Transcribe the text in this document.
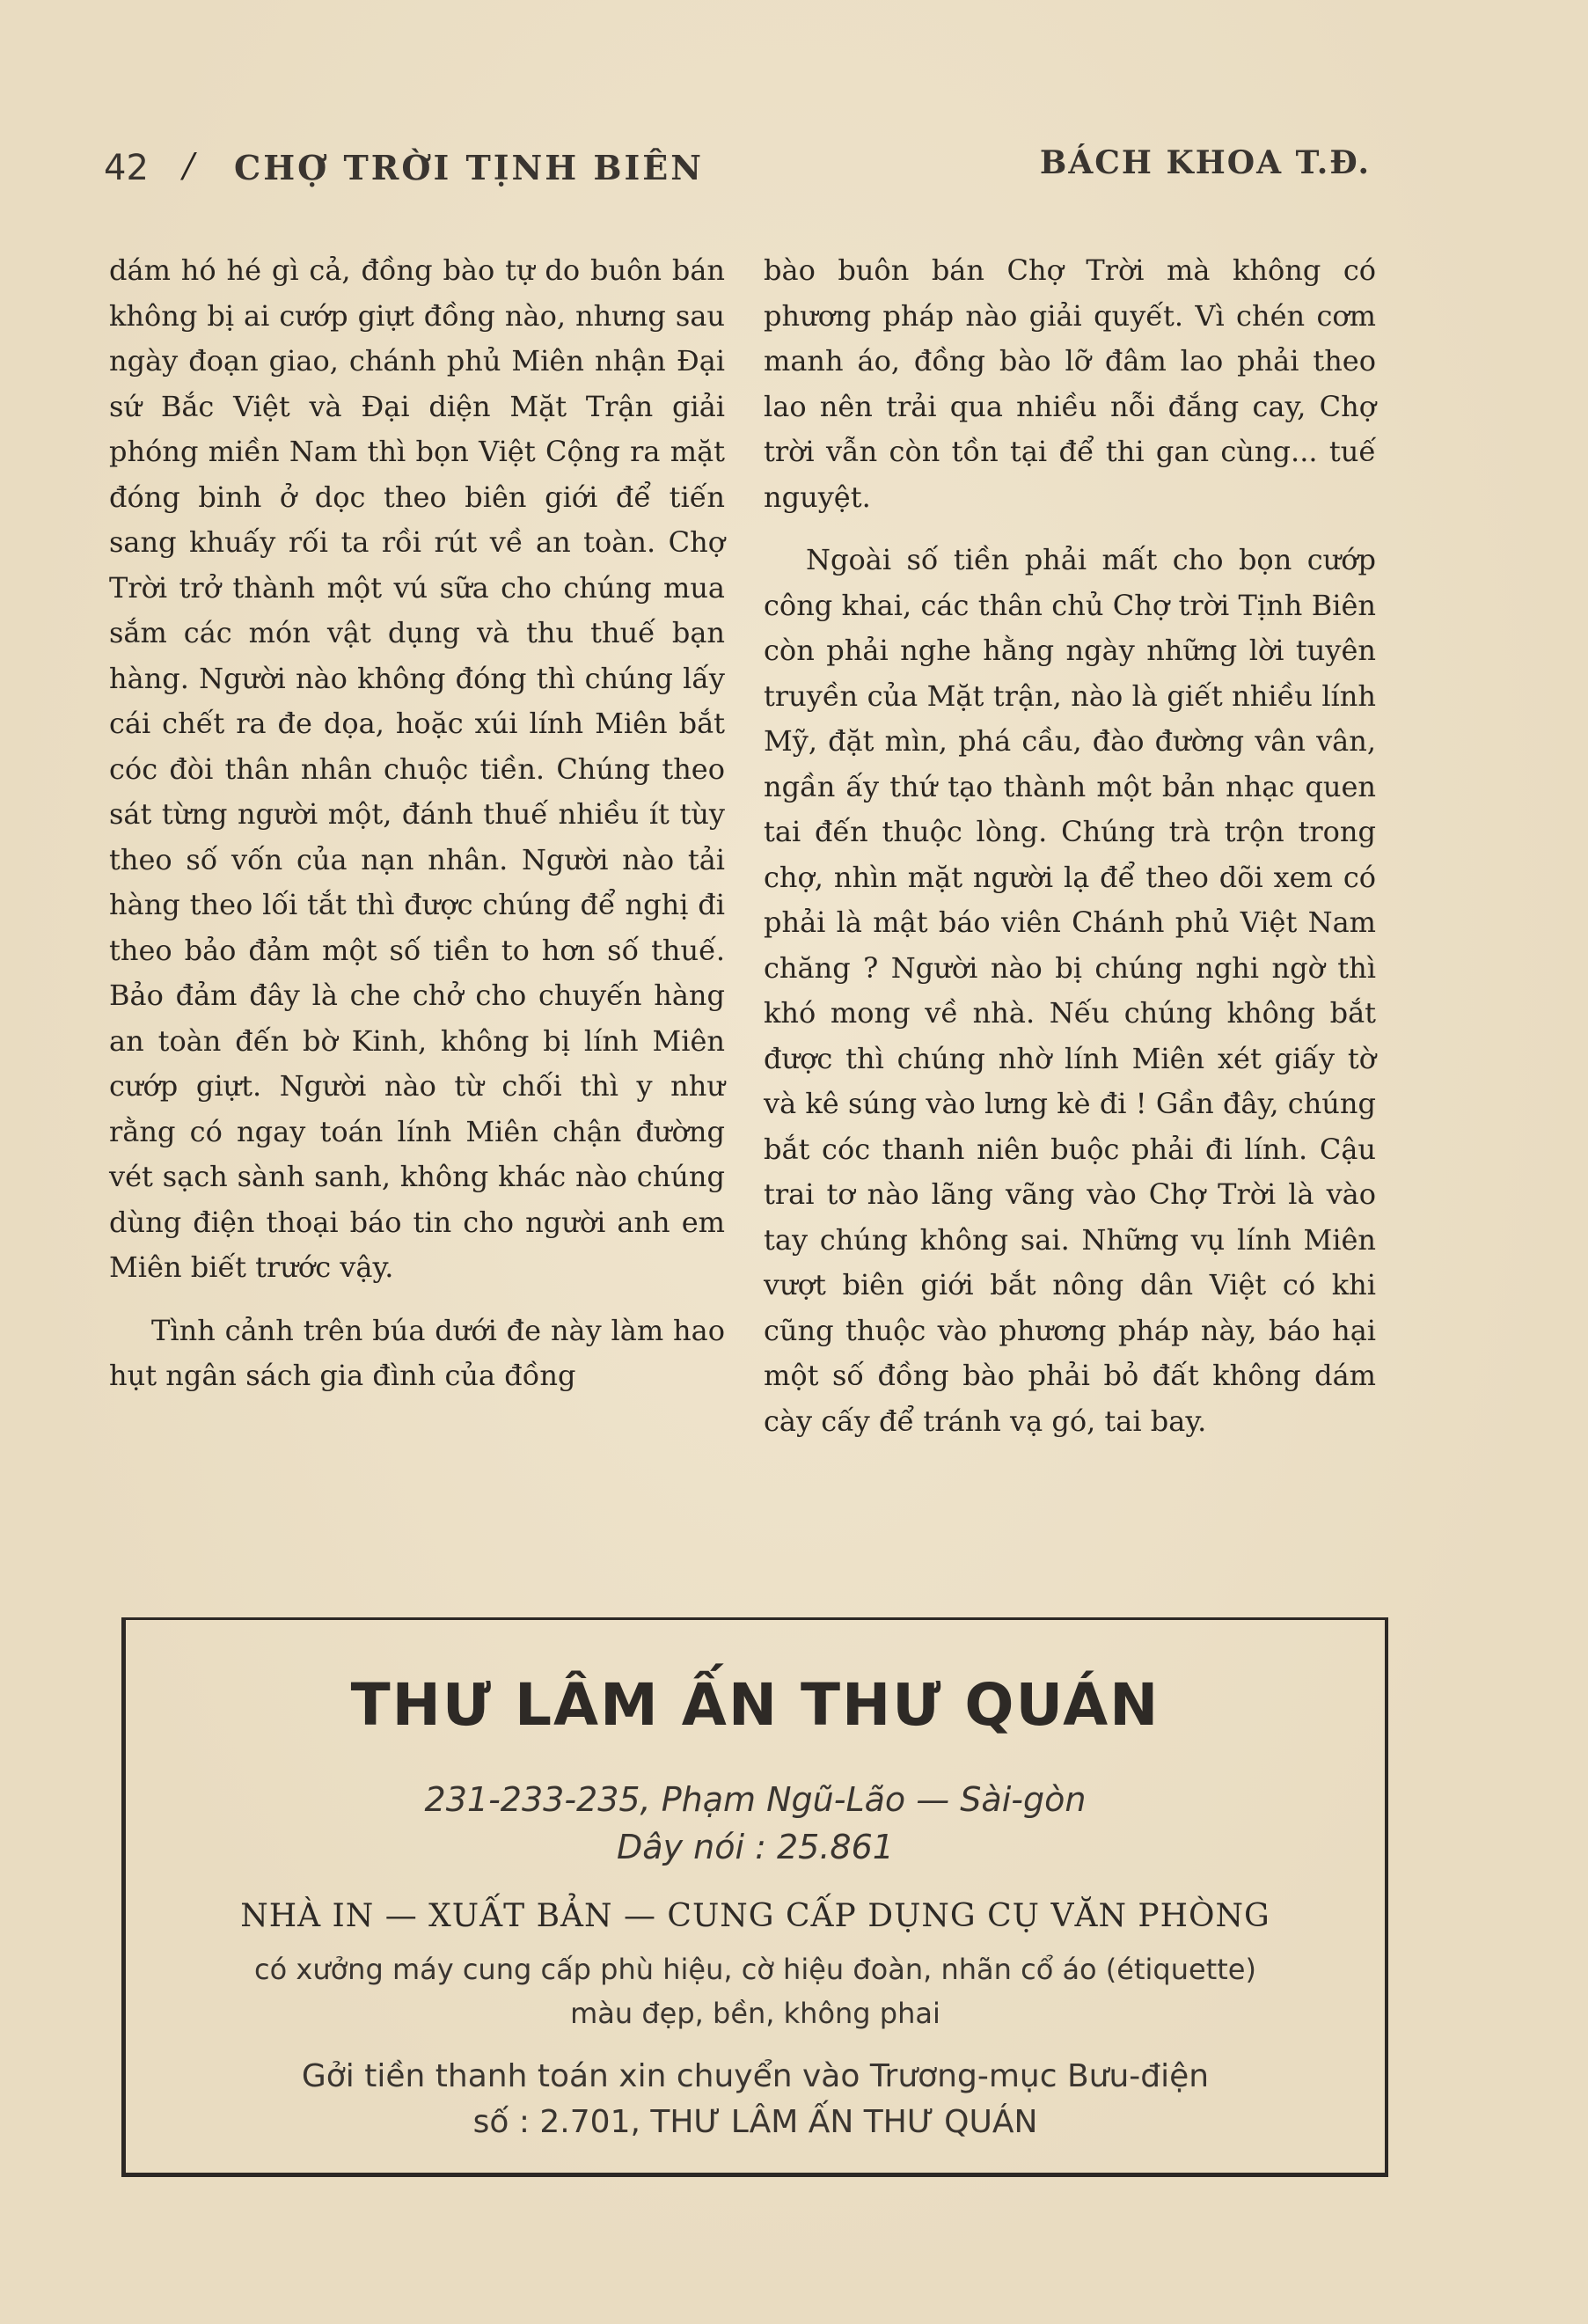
42 / CHỢ TRỜI TỊNH BIÊN	BÁCH KHOA T.Đ.

dám hó hé gì cả, đồng bào tự do buôn bán không bị ai cướp giựt đồng nào, nhưng sau ngày đoạn giao, chánh phủ Miên nhận Đại sứ Bắc Việt và Đại diện Mặt Trận giải phóng miền Nam thì bọn Việt Cộng ra mặt đóng binh ở dọc theo biên giới để tiến sang khuấy rối ta rồi rút về an toàn. Chợ Trời trở thành một vú sữa cho chúng mua sắm các món vật dụng và thu thuế bạn hàng. Người nào không đóng thì chúng lấy cái chết ra đe dọa, hoặc xúi lính Miên bắt cóc đòi thân nhân chuộc tiền. Chúng theo sát từng người một, đánh thuế nhiều ít tùy theo số vốn của nạn nhân. Người nào tải hàng theo lối tắt thì được chúng để nghị đi theo bảo đảm một số tiền to hơn số thuế. Bảo đảm đây là che chở cho chuyến hàng an toàn đến bờ Kinh, không bị lính Miên cướp giựt. Người nào từ chối thì y như rằng có ngay toán lính Miên chận đường vét sạch sành sanh, không khác nào chúng dùng điện thoại báo tin cho người anh em Miên biết trước vậy.

Tình cảnh trên búa dưới đe này làm hao hụt ngân sách gia đình của đồng

bào buôn bán Chợ Trời mà không có phương pháp nào giải quyết. Vì chén cơm manh áo, đồng bào lỡ đâm lao phải theo lao nên trải qua nhiều nỗi đắng cay, Chợ trời vẫn còn tồn tại để thi gan cùng... tuế nguyệt.

Ngoài số tiền phải mất cho bọn cướp công khai, các thân chủ Chợ trời Tịnh Biên còn phải nghe hằng ngày những lời tuyên truyền của Mặt trận, nào là giết nhiều lính Mỹ, đặt mìn, phá cầu, đào đường vân vân, ngần ấy thứ tạo thành một bản nhạc quen tai đến thuộc lòng. Chúng trà trộn trong chợ, nhìn mặt người lạ để theo dõi xem có phải là mật báo viên Chánh phủ Việt Nam chăng ? Người nào bị chúng nghi ngờ thì khó mong về nhà. Nếu chúng không bắt được thì chúng nhờ lính Miên xét giấy tờ và kê súng vào lưng kè đi ! Gần đây, chúng bắt cóc thanh niên buộc phải đi lính. Cậu trai tơ nào lãng vãng vào Chợ Trời là vào tay chúng không sai. Những vụ lính Miên vượt biên giới bắt nông dân Việt có khi cũng thuộc vào phương pháp này, báo hại một số đồng bào phải bỏ đất không dám cày cấy để tránh vạ gó, tai bay.

THƯ LÂM ẤN THƯ QUÁN
231-233-235, Phạm Ngũ-Lão — Sài-gòn
Dây nói : 25.861
NHÀ IN — XUẤT BẢN — CUNG CẤP DỤNG CỤ VĂN PHÒNG
có xưởng máy cung cấp phù hiệu, cờ hiệu đoàn, nhãn cổ áo (étiquette)
màu đẹp, bền, không phai
Gởi tiền thanh toán xin chuyển vào Trương-mục Bưu-điện
số : 2.701, THƯ LÂM ẤN THƯ QUÁN
